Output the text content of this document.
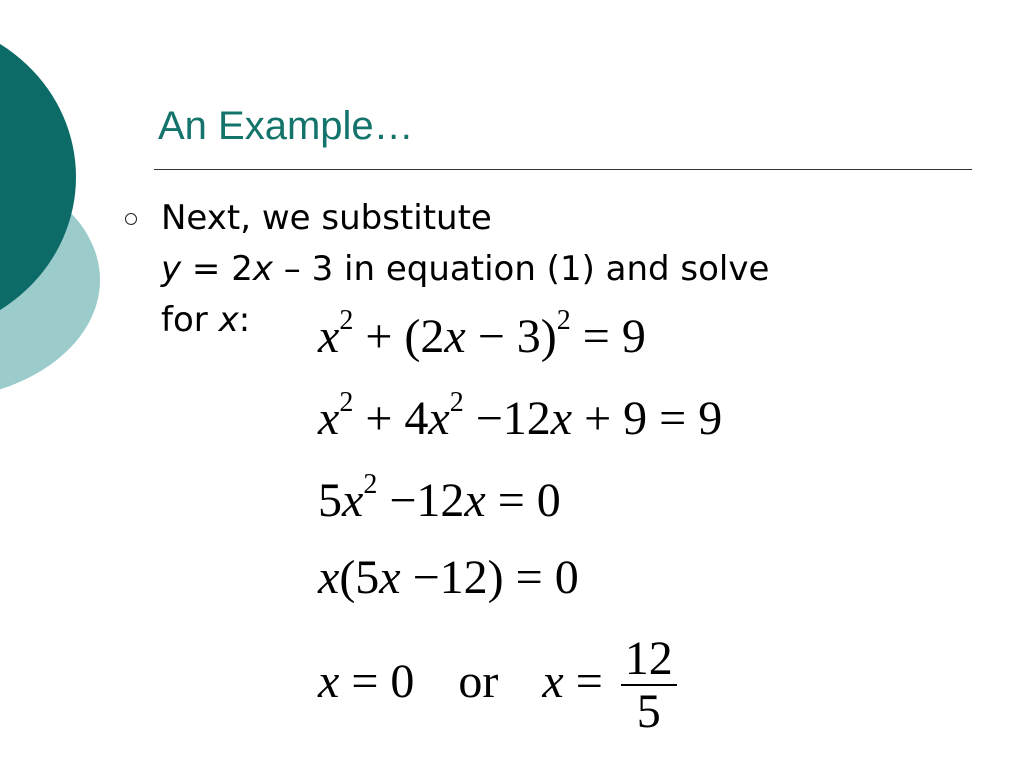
An Example…
Next, we substitute
y = 2x – 3 in equation (1) and solve
for x:	$x^2 + (2x - 3)^2 = 9$
$x^2 + 4x^2 -12x + 9 = 9$
$5x^2 -12x = 0$
x(5x −12) = 0
x = 0 or $x = \frac{12}{5}$
